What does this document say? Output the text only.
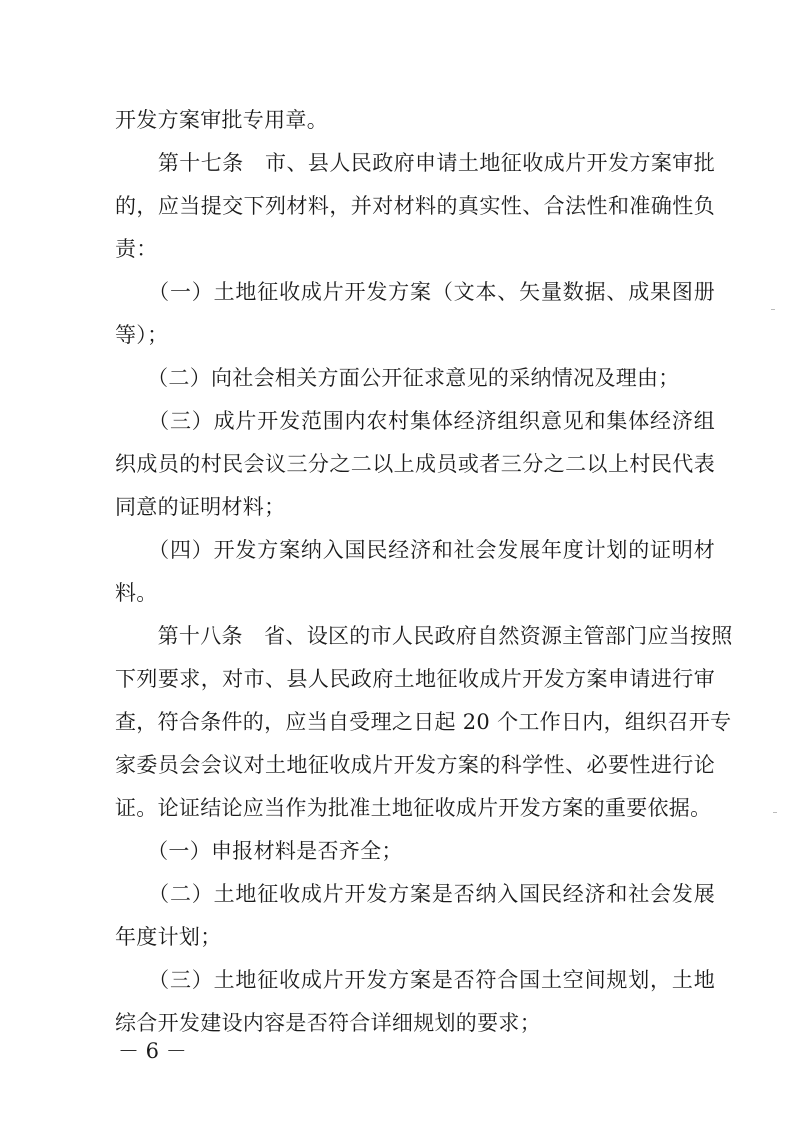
开发方案审批专用章。
　　第十七条　市、县人民政府申请土地征收成片开发方案审批
的，应当提交下列材料，并对材料的真实性、合法性和准确性负
责：
　　（一）土地征收成片开发方案（文本、矢量数据、成果图册
等）；
　　（二）向社会相关方面公开征求意见的采纳情况及理由；
　　（三）成片开发范围内农村集体经济组织意见和集体经济组
织成员的村民会议三分之二以上成员或者三分之二以上村民代表
同意的证明材料；
　　（四）开发方案纳入国民经济和社会发展年度计划的证明材
料。
　　第十八条　省、设区的市人民政府自然资源主管部门应当按照
下列要求，对市、县人民政府土地征收成片开发方案申请进行审
查，符合条件的，应当自受理之日起 20 个工作日内，组织召开专
家委员会会议对土地征收成片开发方案的科学性、必要性进行论
证。论证结论应当作为批准土地征收成片开发方案的重要依据。
　　（一）申报材料是否齐全；
　　（二）土地征收成片开发方案是否纳入国民经济和社会发展
年度计划；
　　（三）土地征收成片开发方案是否符合国土空间规划，土地
综合开发建设内容是否符合详细规划的要求；
－ 6 －
